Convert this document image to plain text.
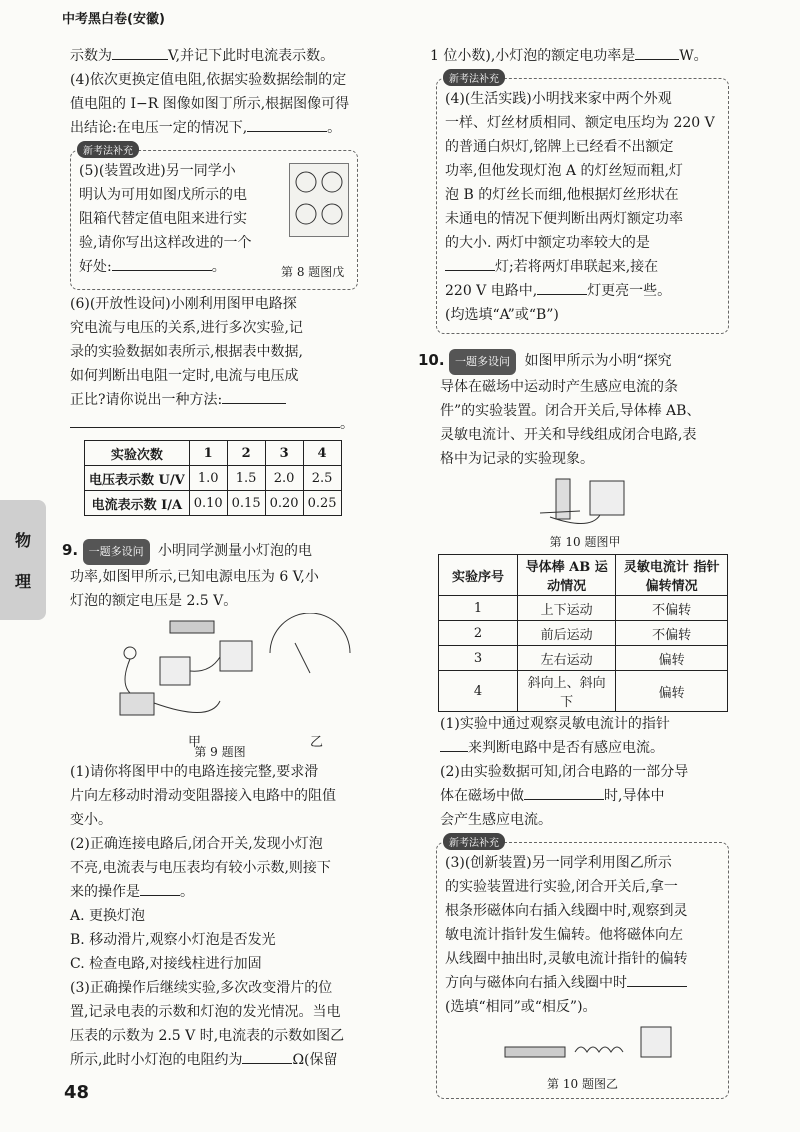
中考黑白卷(安徽)
物
理
示数为	V,并记下此时电流表示数。
(4)依次更换定值电阻,依据实验数据绘制的定
值电阻的 I−R 图像如图丁所示,根据图像可得
出结论:在电压一定的情况下,	。
新考法补充
(5)(装置改进)另一同学小
明认为可用如图戊所示的电
阻箱代替定值电阻来进行实
验,请你写出这样改进的一个
好处:	。	第 8 题图戊
(6)(开放性设问)小刚利用图甲电路探
究电流与电压的关系,进行多次实验,记
录的实验数据如表所示,根据表中数据,
如何判断出电阻一定时,电流与电压成
正比?请你说出一种方法:
。
实验次数	1	2	3	4
电压表示数 U/V	1.0	1.5	2.0	2.5
电流表示数 I/A	0.10	0.15	0.20	0.25
9. 一题多设问 小明同学测量小灯泡的电
功率,如图甲所示,已知电源电压为 6 V,小
灯泡的额定电压是 2.5 V。
甲	乙
第 9 题图
(1)请你将图甲中的电路连接完整,要求滑
片向左移动时滑动变阻器接入电路中的阻值
变小。
(2)正确连接电路后,闭合开关,发现小灯泡
不亮,电流表与电压表均有较小示数,则接下
来的操作是	。
A. 更换灯泡
B. 移动滑片,观察小灯泡是否发光
C. 检查电路,对接线柱进行加固
(3)正确操作后继续实验,多次改变滑片的位
置,记录电表的示数和灯泡的发光情况。当电
压表的示数为 2.5 V 时,电流表的示数如图乙
所示,此时小灯泡的电阻约为	Ω(保留
1 位小数),小灯泡的额定电功率是	W。
新考法补充
(4)(生活实践)小明找来家中两个外观
一样、灯丝材质相同、额定电压均为 220 V
的普通白炽灯,铭牌上已经看不出额定
功率,但他发现灯泡 A 的灯丝短而粗,灯
泡 B 的灯丝长而细,他根据灯丝形状在
未通电的情况下便判断出两灯额定功率
的大小. 两灯中额定功率较大的是
灯;若将两灯串联起来,接在
220 V 电路中,	灯更亮一些。
(均选填“A”或“B”)
10. 一题多设问 如图甲所示为小明“探究
导体在磁场中运动时产生感应电流的条
件”的实验装置。闭合开关后,导体棒 AB、
灵敏电流计、开关和导线组成闭合电路,表
格中为记录的实验现象。
第 10 题图甲
实验序号	导体棒 AB 运动情况	灵敏电流计 指针偏转情况
1	上下运动	不偏转
2	前后运动	不偏转
3	左右运动	偏转
4	斜向上、斜向下	偏转
(1)实验中通过观察灵敏电流计的指针
来判断电路中是否有感应电流。
(2)由实验数据可知,闭合电路的一部分导
体在磁场中做	时,导体中
会产生感应电流。
新考法补充
(3)(创新装置)另一同学利用图乙所示
的实验装置进行实验,闭合开关后,拿一
根条形磁体向右插入线圈中时,观察到灵
敏电流计指针发生偏转。他将磁体向左
从线圈中抽出时,灵敏电流计指针的偏转
方向与磁体向右插入线圈中时
(选填“相同”或“相反”)。
第 10 题图乙
48
